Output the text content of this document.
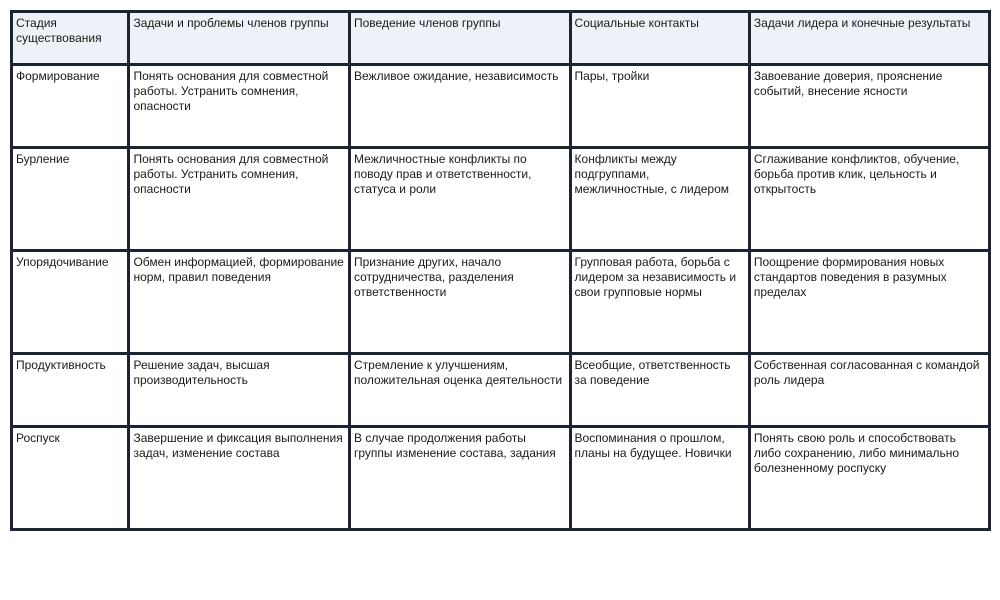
Стадия существования	Задачи и проблемы членов группы	Поведение членов группы	Социальные контакты	Задачи лидера и конечные результаты
Формирование	Понять основания для совместной работы. Устранить сомнения, опасности	Вежливое ожидание, независимость	Пары, тройки	Завоевание доверия, прояснение событий, внесение ясности
Бурление	Понять основания для совместной работы. Устранить сомнения, опасности	Межличностные конфликты по поводу прав и ответственности, статуса и роли	Конфликты между подгруппами, межличностные, с лидером	Сглаживание конфликтов, обучение, борьба против клик, цельность и открытость
Упорядочивание	Обмен информацией, формирование норм, правил поведения	Признание других, начало сотрудничества, разделения ответственности	Групповая работа, борьба с лидером за независимость и свои групповые нормы	Поощрение формирования новых стандартов поведения в разумных пределах
Продуктивность	Решение задач, высшая производительность	Стремление к улучшениям, положительная оценка деятельности	Всеобщие, ответственность за поведение	Собственная согласованная с командой роль лидера
Роспуск	Завершение и фиксация выполнения задач, изменение состава	В случае продолжения работы группы изменение состава, задания	Воспоминания о прошлом, планы на будущее. Новички	Понять свою роль и способствовать либо сохранению, либо минимально болезненному роспуску
